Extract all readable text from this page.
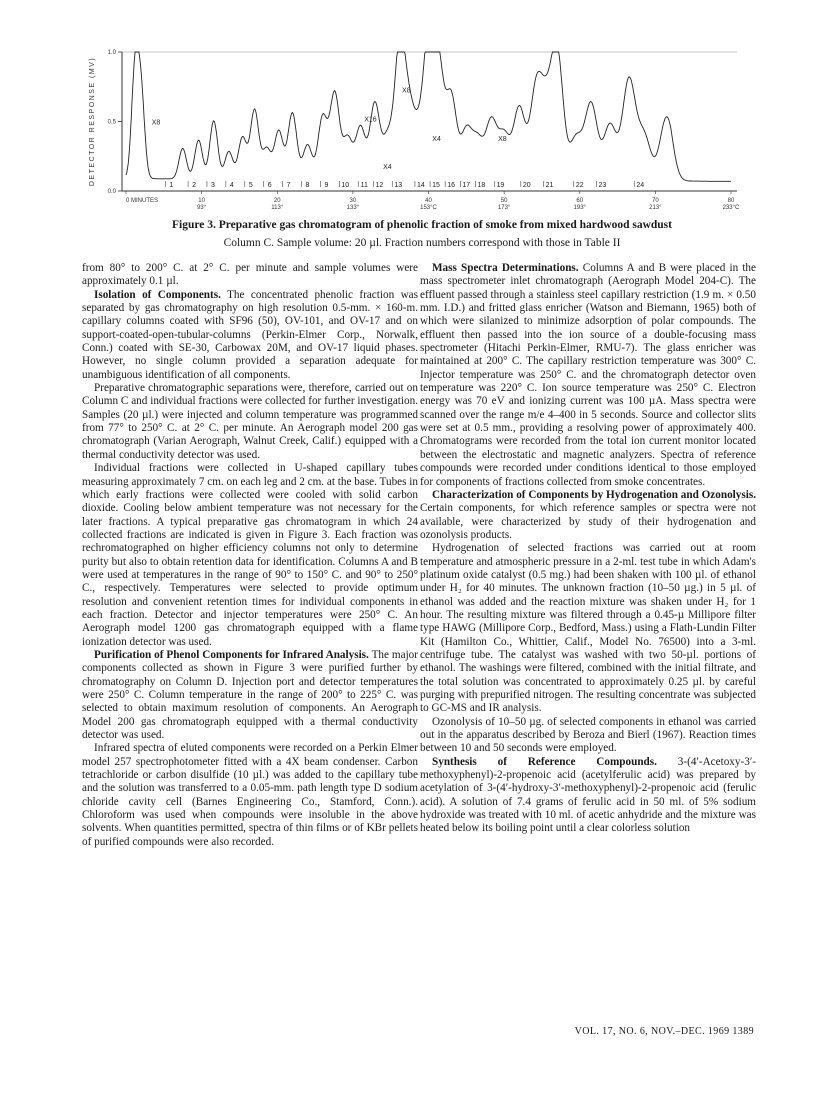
DETECTOR RESPONSE (MV)
1.0
0.5
0.0
0 MINUTES	10
93°
20
113°
30
133°
40
153°C
50
173°
60
193°
70
213°
80
233°C
1	2 3 4 5 6 7 8 9 10 11 12 13 14 15 16 17 18 19	20 21	22 23	24
X8	X16
X4
X8
X4	X8
Figure 3. Preparative gas chromatogram of phenolic fraction of smoke from mixed hardwood sawdust
Column C. Sample volume: 20 µl. Fraction numbers correspond with those in Table II

from 80° to 200° C. at 2° C. per minute and sample volumes were approximately 0.1 µl.

Isolation of Components. The concentrated phenolic fraction was separated by gas chromatography on high resolution 0.5-mm. × 160-m. capillary columns coated with SF96 (50), OV-101, and OV-17 and on support-coated-open-tubular-columns (Perkin-Elmer Corp., Norwalk, Conn.) coated with SE-30, Carbowax 20M, and OV-17 liquid phases. However, no single column provided a separation adequate for unambiguous identification of all components.

Preparative chromatographic separations were, therefore, carried out on Column C and individual fractions were collected for further investigation. Samples (20 µl.) were injected and column temperature was programmed from 77° to 250° C. at 2° C. per minute. An Aerograph model 200 gas chromatograph (Varian Aerograph, Walnut Creek, Calif.) equipped with a thermal conductivity detector was used.

Individual fractions were collected in U-shaped capillary tubes measuring approximately 7 cm. on each leg and 2 cm. at the base. Tubes in which early fractions were collected were cooled with solid carbon dioxide. Cooling below ambient temperature was not necessary for the later fractions. A typical preparative gas chromatogram in which 24 collected fractions are indicated is given in Figure 3. Each fraction was rechromatographed on higher efficiency columns not only to determine purity but also to obtain retention data for identification. Columns A and B were used at temperatures in the range of 90° to 150° C. and 90° to 250° C., respectively. Temperatures were selected to provide optimum resolution and convenient retention times for individual components in each fraction. Detector and injector temperatures were 250° C. An Aerograph model 1200 gas chromatograph equipped with a flame ionization detector was used.

Purification of Phenol Components for Infrared Analysis. The major components collected as shown in Figure 3 were purified further by chromatography on Column D. Injection port and detector temperatures were 250° C. Column temperature in the range of 200° to 225° C. was selected to obtain maximum resolution of components. An Aerograph Model 200 gas chromatograph equipped with a thermal conductivity detector was used.

Infrared spectra of eluted components were recorded on a Perkin Elmer model 257 spectrophotometer fitted with a 4X beam condenser. Carbon tetrachloride or carbon disulfide (10 µl.) was added to the capillary tube and the solution was transferred to a 0.05-mm. path length type D sodium chloride cavity cell (Barnes Engineering Co., Stamford, Conn.). Chloroform was used when compounds were insoluble in the above solvents. When quantities permitted, spectra of thin films or of KBr pellets of purified compounds were also recorded.

Mass Spectra Determinations. Columns A and B were placed in the mass spectrometer inlet chromatograph (Aerograph Model 204-C). The effluent passed through a stainless steel capillary restriction (1.9 m. × 0.50 mm. I.D.) and fritted glass enricher (Watson and Biemann, 1965) both of which were silanized to minimize adsorption of polar compounds. The effluent then passed into the ion source of a double-focusing mass spectrometer (Hitachi Perkin-Elmer, RMU-7). The glass enricher was maintained at 200° C. The capillary restriction temperature was 300° C. Injector temperature was 250° C. and the chromatograph detector oven temperature was 220° C. Ion source temperature was 250° C. Electron energy was 70 eV and ionizing current was 100 µA. Mass spectra were scanned over the range m/e 4–400 in 5 seconds. Source and collector slits were set at 0.5 mm., providing a resolving power of approximately 400. Chromatograms were recorded from the total ion current monitor located between the electrostatic and magnetic analyzers. Spectra of reference compounds were recorded under conditions identical to those employed for components of fractions collected from smoke concentrates.

Characterization of Components by Hydrogenation and Ozonolysis. Certain components, for which reference samples or spectra were not available, were characterized by study of their hydrogenation and ozonolysis products.

Hydrogenation of selected fractions was carried out at room temperature and atmospheric pressure in a 2-ml. test tube in which Adam's platinum oxide catalyst (0.5 mg.) had been shaken with 100 µl. of ethanol under H₂ for 40 minutes. The unknown fraction (10–50 µg.) in 5 µl. of ethanol was added and the reaction mixture was shaken under H₂ for 1 hour. The resulting mixture was filtered through a 0.45-µ Millipore filter type HAWG (Millipore Corp., Bedford, Mass.) using a Flath-Lundin Filter Kit (Hamilton Co., Whittier, Calif., Model No. 76500) into a 3-ml. centrifuge tube. The catalyst was washed with two 50-µl. portions of ethanol. The washings were filtered, combined with the initial filtrate, and the total solution was concentrated to approximately 0.25 µl. by careful purging with prepurified nitrogen. The resulting concentrate was subjected to GC-MS and IR analysis.

Ozonolysis of 10–50 µg. of selected components in ethanol was carried out in the apparatus described by Beroza and Bierl (1967). Reaction times between 10 and 50 seconds were employed.

Synthesis of Reference Compounds. 3-(4′-Acetoxy-3′-methoxyphenyl)-2-propenoic acid (acetylferulic acid) was prepared by acetylation of 3-(4′-hydroxy-3′-methoxyphenyl)-2-propenoic acid (ferulic acid). A solution of 7.4 grams of ferulic acid in 50 ml. of 5% sodium hydroxide was treated with 10 ml. of acetic anhydride and the mixture was heated below its boiling point until a clear colorless solution

VOL. 17, NO. 6, NOV.–DEC. 1969 1389
